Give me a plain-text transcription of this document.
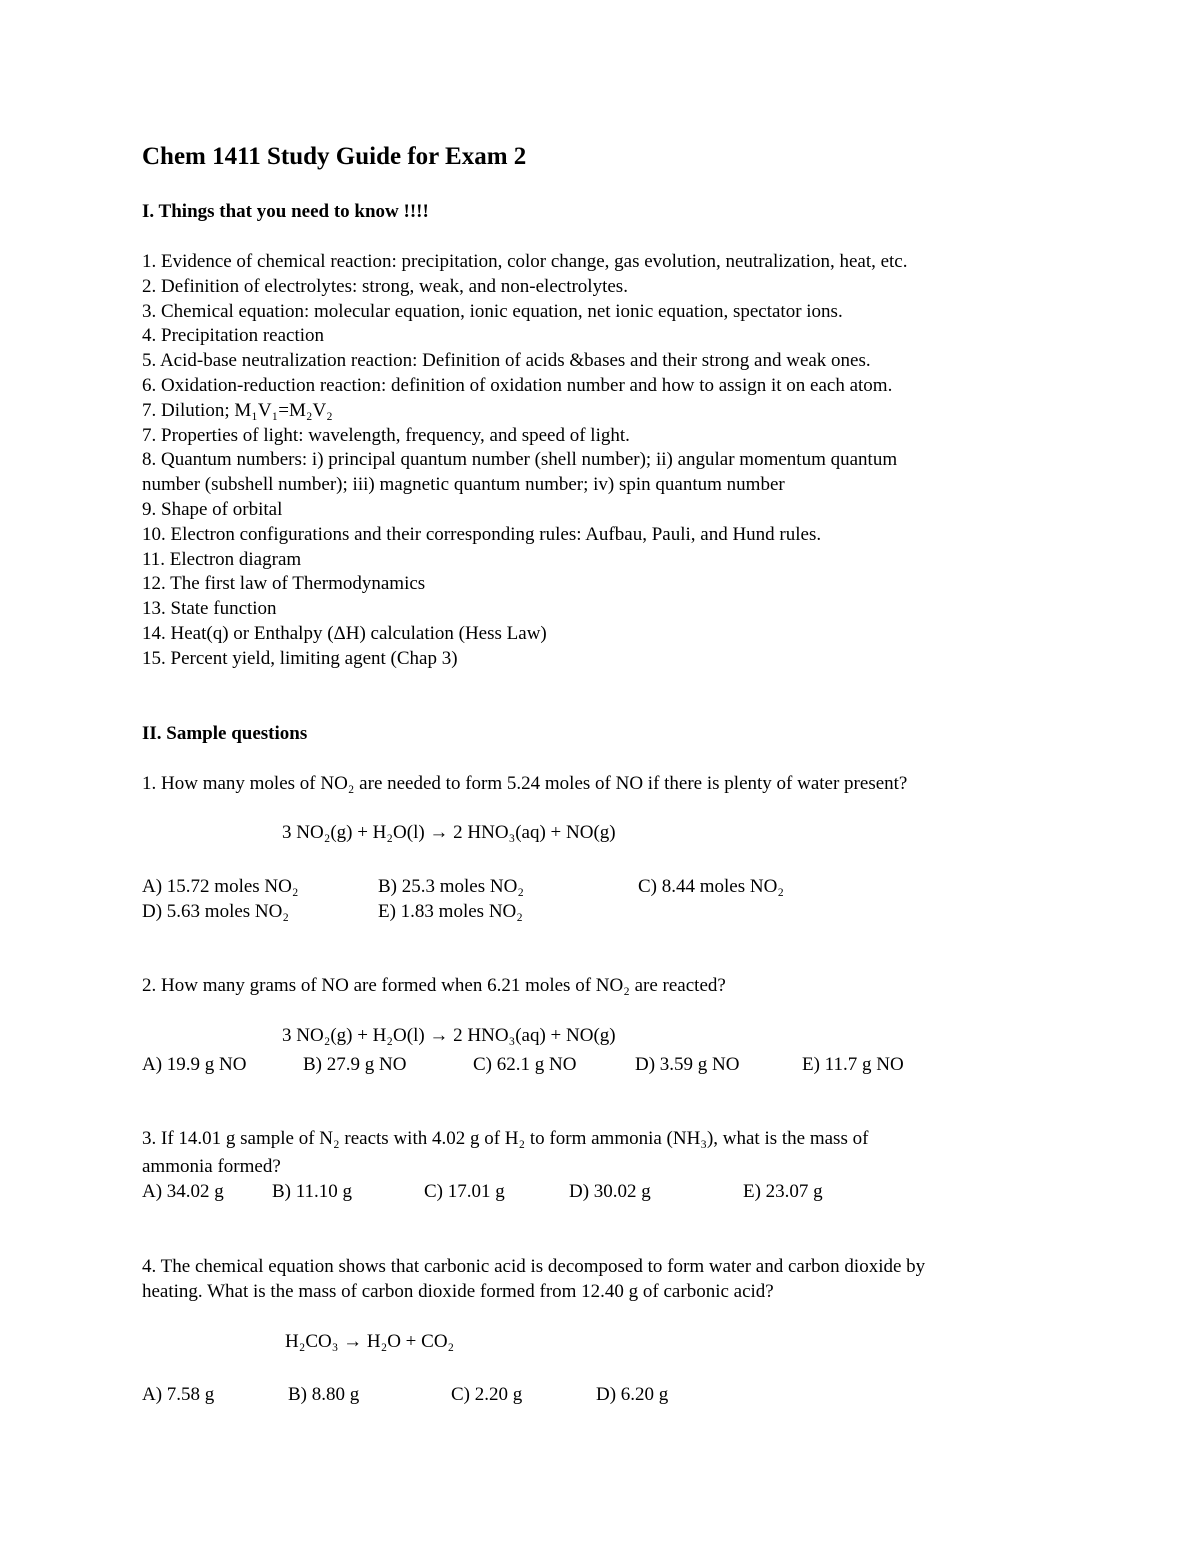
Chem 1411 Study Guide for Exam 2
I. Things that you need to know !!!!
1. Evidence of chemical reaction: precipitation, color change, gas evolution, neutralization, heat, etc.
2. Definition of electrolytes: strong, weak, and non-electrolytes.
3. Chemical equation: molecular equation, ionic equation, net ionic equation, spectator ions.
4. Precipitation reaction
5. Acid-base neutralization reaction: Definition of acids &bases and their strong and weak ones.
6. Oxidation-reduction reaction: definition of oxidation number and how to assign it on each atom.
7. Dilution; M₁V₁=M₂V₂
7. Properties of light: wavelength, frequency, and speed of light.
8. Quantum numbers: i) principal quantum number (shell number); ii) angular momentum quantum
number (subshell number); iii) magnetic quantum number; iv) spin quantum number
9. Shape of orbital
10. Electron configurations and their corresponding rules: Aufbau, Pauli, and Hund rules.
11. Electron diagram
12. The first law of Thermodynamics
13. State function
14. Heat(q) or Enthalpy (ΔH) calculation (Hess Law)
15. Percent yield, limiting agent (Chap 3)
II. Sample questions
1. How many moles of NO₂ are needed to form 5.24 moles of NO if there is plenty of water present?
3 NO₂(g) + H₂O(l) → 2 HNO₃(aq) + NO(g)
A) 15.72 moles NO₂	B) 25.3 moles NO₂	C) 8.44 moles NO₂
D) 5.63 moles NO₂	E) 1.83 moles NO₂
2. How many grams of NO are formed when 6.21 moles of NO₂ are reacted?
3 NO₂(g) + H₂O(l) → 2 HNO₃(aq) + NO(g)
A) 19.9 g NO	B) 27.9 g NO	C) 62.1 g NO	D) 3.59 g NO	E) 11.7 g NO
3. If 14.01 g sample of N₂ reacts with 4.02 g of H₂ to form ammonia (NH₃), what is the mass of
ammonia formed?
A) 34.02 g	B) 11.10 g	C) 17.01 g	D) 30.02 g	E) 23.07 g
4. The chemical equation shows that carbonic acid is decomposed to form water and carbon dioxide by
heating. What is the mass of carbon dioxide formed from 12.40 g of carbonic acid?
H₂CO₃ → H₂O + CO₂
A) 7.58 g	B) 8.80 g	C) 2.20 g	D) 6.20 g
